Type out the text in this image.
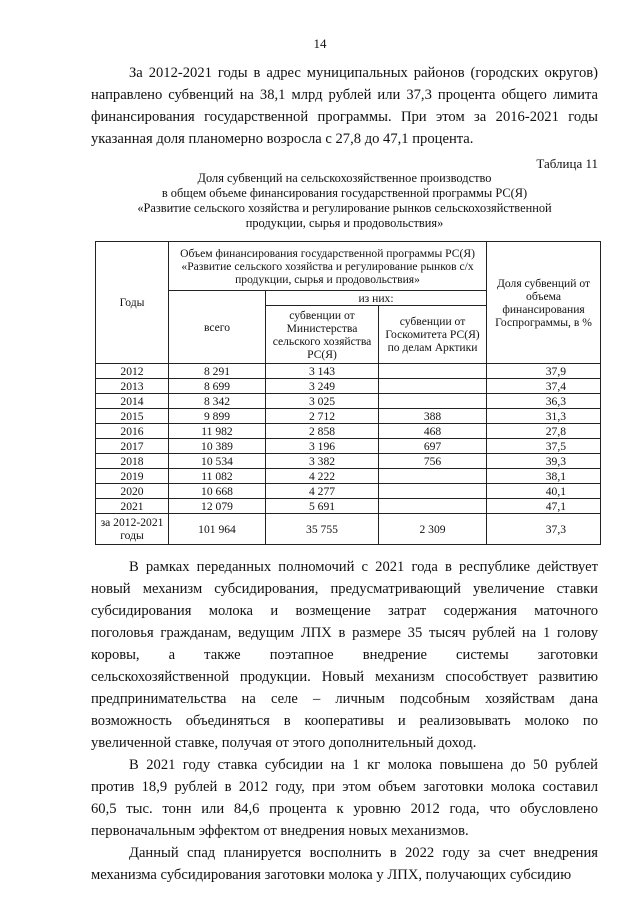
14

За 2012-2021 годы в адрес муниципальных районов (городских округов)
направлено субвенций на 38,1 млрд рублей или 37,3 процента общего лимита
финансирования государственной программы. При этом за 2016-2021 годы
указанная доля планомерно возросла с 27,8 до 47,1 процента.

Таблица 11
Доля субвенций на сельскохозяйственное производство
в общем объеме финансирования государственной программы РС(Я)
«Развитие сельского хозяйства и регулирование рынков сельскохозяйственной
продукции, сырья и продовольствия»
Годы	Объем финансирования государственной программы РС(Я) «Развитие сельского хозяйства и регулирование рынков с/х продукции, сырья и продовольствия»			Доля субвенций от объема финансирования Госпрограммы, в %
	всего	из них:		
		субвенции от Министерства сельского хозяйства РС(Я)	субвенции от Госкомитета РС(Я) по делам Арктики	
2012	8 291	3 143		37,9
2013	8 699	3 249		37,4
2014	8 342	3 025		36,3
2015	9 899	2 712	388	31,3
2016	11 982	2 858	468	27,8
2017	10 389	3 196	697	37,5
2018	10 534	3 382	756	39,3
2019	11 082	4 222		38,1
2020	10 668	4 277		40,1
2021	12 079	5 691		47,1
за 2012-2021 годы	101 964	35 755	2 309	37,3

В рамках переданных полномочий с 2021 года в республике действует
новый механизм субсидирования, предусматривающий увеличение ставки
субсидирования молока и возмещение затрат содержания маточного
поголовья гражданам, ведущим ЛПХ в размере 35 тысяч рублей на 1 голову
коровы, а также поэтапное внедрение системы заготовки
сельскохозяйственной продукции. Новый механизм способствует развитию
предпринимательства на селе – личным подсобным хозяйствам дана
возможность объединяться в кооперативы и реализовывать молоко по
увеличенной ставке, получая от этого дополнительный доход.

В 2021 году ставка субсидии на 1 кг молока повышена до 50 рублей
против 18,9 рублей в 2012 году, при этом объем заготовки молока составил
60,5 тыс. тонн или 84,6 процента к уровню 2012 года, что обусловлено
первоначальным эффектом от внедрения новых механизмов.

Данный спад планируется восполнить в 2022 году за счет внедрения
механизма субсидирования заготовки молока у ЛПХ, получающих субсидию
